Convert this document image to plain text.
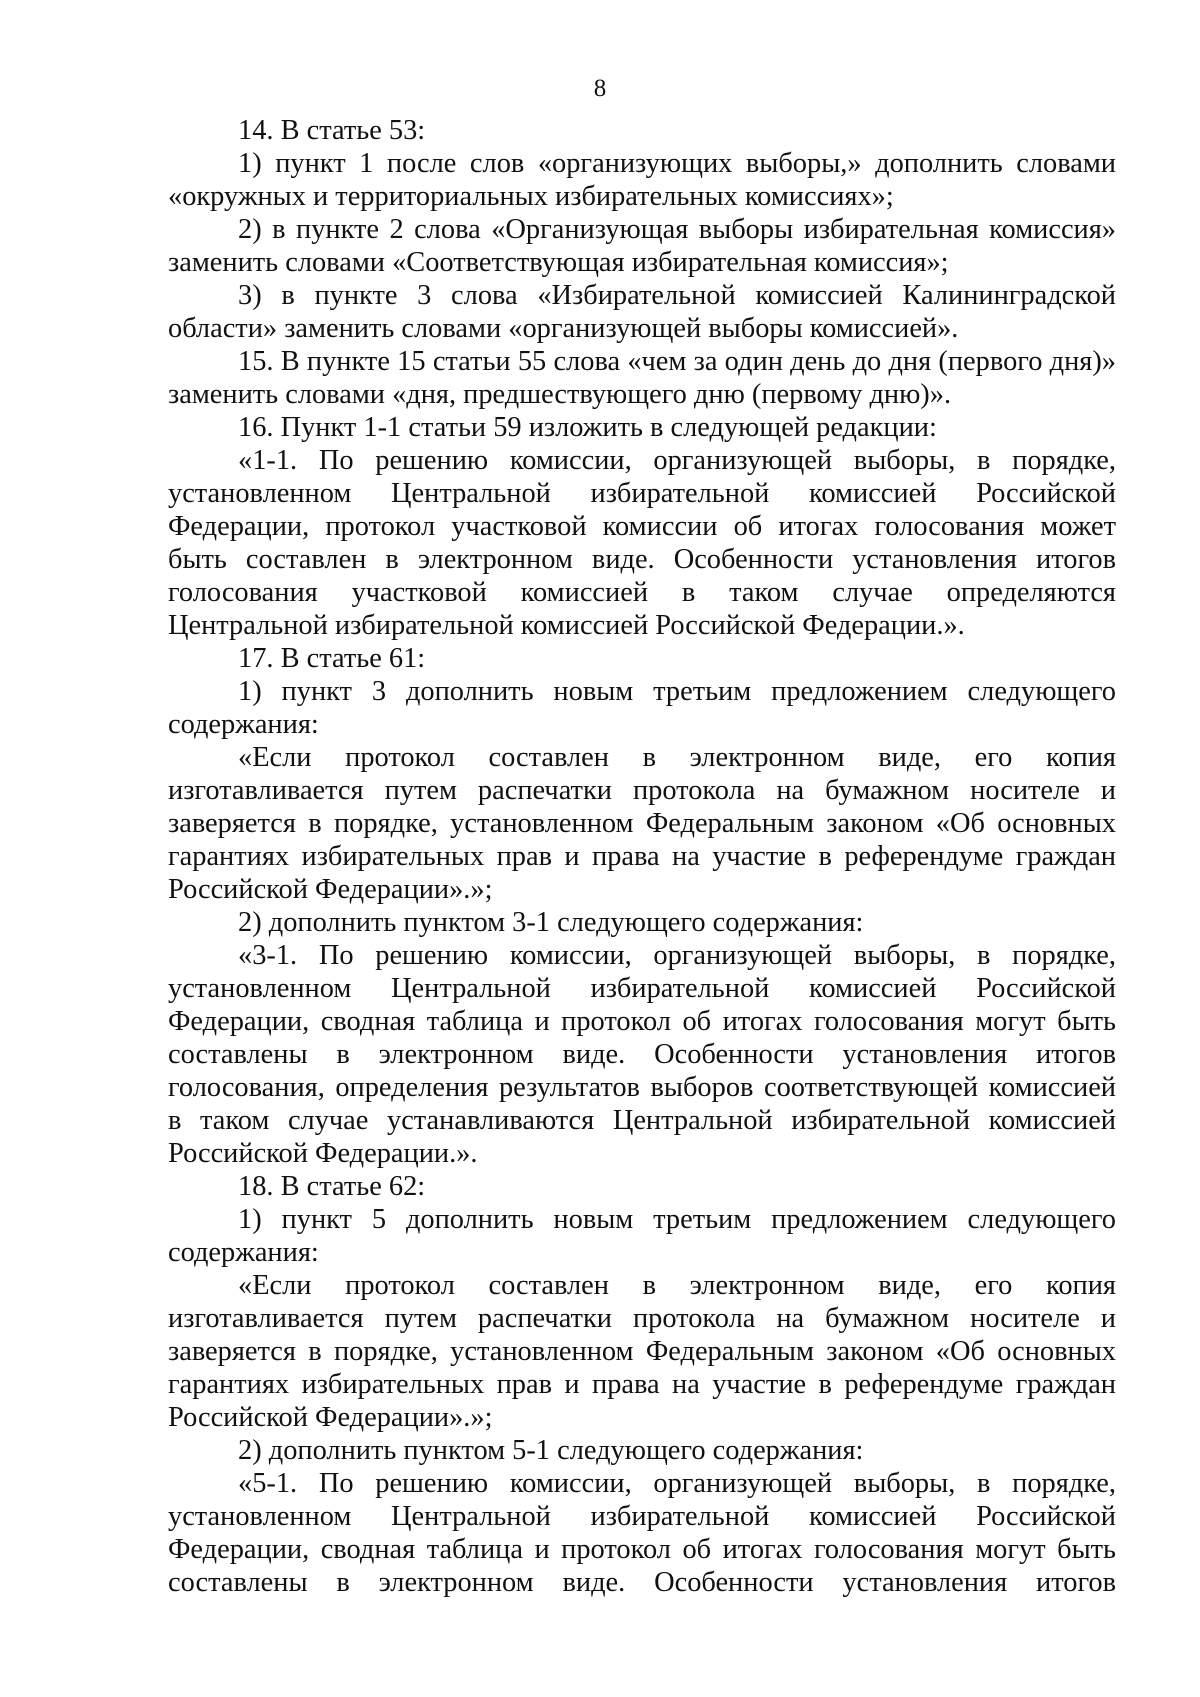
8

14. В статье 53:

1) пункт 1 после слов «организующих выборы,» дополнить словами «окружных и территориальных избирательных комиссиях»;

2) в пункте 2 слова «Организующая выборы избирательная комиссия» заменить словами «Соответствующая избирательная комиссия»;

3) в пункте 3 слова «Избирательной комиссией Калининградской области» заменить словами «организующей выборы комиссией».

15. В пункте 15 статьи 55 слова «чем за один день до дня (первого дня)» заменить словами «дня, предшествующего дню (первому дню)».

16. Пункт 1-1 статьи 59 изложить в следующей редакции:

«1-1. По решению комиссии, организующей выборы, в порядке, установленном Центральной избирательной комиссией Российской Федерации, протокол участковой комиссии об итогах голосования может быть составлен в электронном виде. Особенности установления итогов голосования участковой комиссией в таком случае определяются Центральной избирательной комиссией Российской Федерации.».

17. В статье 61:

1) пункт 3 дополнить новым третьим предложением следующего содержания:

«Если протокол составлен в электронном виде, его копия изготавливается путем распечатки протокола на бумажном носителе и заверяется в порядке, установленном Федеральным законом «Об основных гарантиях избирательных прав и права на участие в референдуме граждан Российской Федерации».»;

2) дополнить пунктом 3-1 следующего содержания:

«3-1. По решению комиссии, организующей выборы, в порядке, установленном Центральной избирательной комиссией Российской Федерации, сводная таблица и протокол об итогах голосования могут быть составлены в электронном виде. Особенности установления итогов голосования, определения результатов выборов соответствующей комиссией в таком случае устанавливаются Центральной избирательной комиссией Российской Федерации.».

18. В статье 62:

1) пункт 5 дополнить новым третьим предложением следующего содержания:

«Если протокол составлен в электронном виде, его копия изготавливается путем распечатки протокола на бумажном носителе и заверяется в порядке, установленном Федеральным законом «Об основных гарантиях избирательных прав и права на участие в референдуме граждан Российской Федерации».»;

2) дополнить пунктом 5-1 следующего содержания:

«5-1. По решению комиссии, организующей выборы, в порядке, установленном Центральной избирательной комиссией Российской Федерации, сводная таблица и протокол об итогах голосования могут быть составлены в электронном виде. Особенности установления итогов
